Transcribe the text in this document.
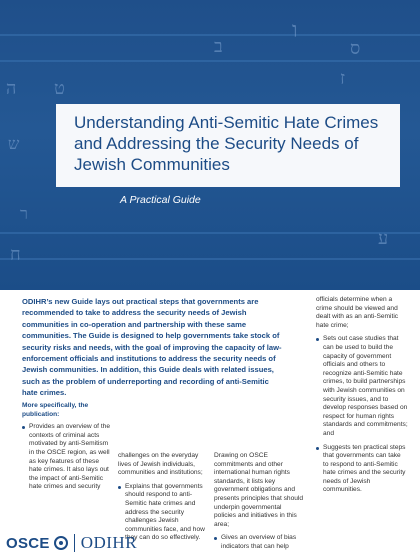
ו
ב
ז
ס
ה ט
ש
ר
ח
ע
Understanding Anti-Semitic Hate Crimes and Addressing the Security Needs of Jewish Communities
A Practical Guide

ODIHR’s new Guide lays out practical steps that governments are recommended to take to address the security needs of Jewish communities in co-operation and partnership with these same communities. The Guide is designed to help governments take stock of security risks and needs, with the goal of improving the capacity of law-enforcement officials and institutions to address the security needs of Jewish communities. In addition, this Guide deals with related issues, such as the problem of underreporting and recording of anti-Semitic hate crimes.

More specifically, the publication:
Provides an overview of the contexts of criminal acts motivated by anti-Semitism in the OSCE region, as well as key features of these hate crimes. It also lays out the impact of anti-Semitic hate crimes and security
challenges on the everyday lives of Jewish individuals, communities and institutions;
Explains that governments should respond to anti-Semitic hate crimes and address the security challenges Jewish communities face, and how they can do so effectively.
Drawing on OSCE commitments and other international human rights standards, it lists key government obligations and presents principles that should underpin governmental policies and initiatives in this area;
Gives an overview of bias indicators that can help
officials determine when a crime should be viewed and dealt with as an anti-Semitic hate crime;
Sets out case studies that can be used to build the capacity of government officials and others to recognize anti-Semitic hate crimes, to build partnerships with Jewish communities on security issues, and to develop responses based on respect for human rights standards and commitments; and
Suggests ten practical steps that governments can take to respond to anti-Semitic hate crimes and the security needs of Jewish communities.
OSCE ODIHR
